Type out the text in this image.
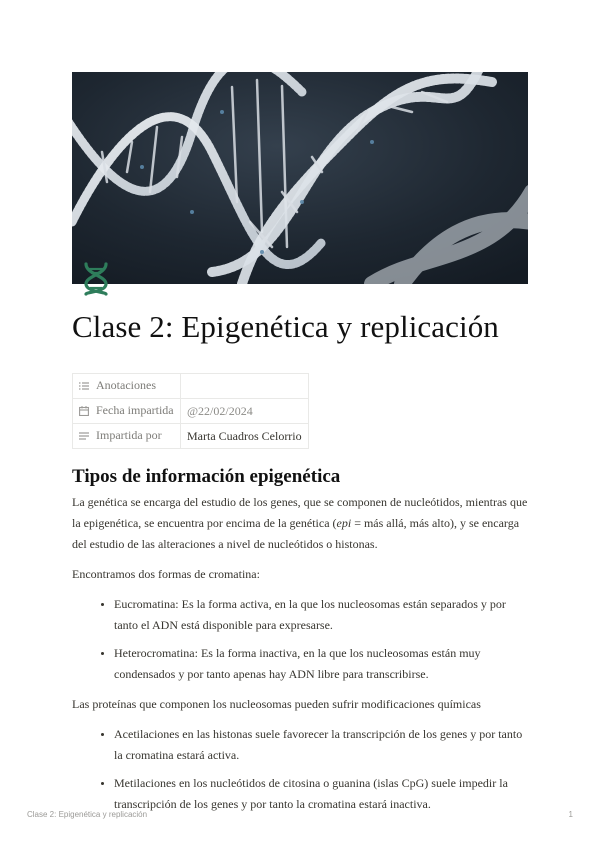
Clase 2: Epigenética y replicación
Anotaciones	
Fecha impartida	@22/02/2024
Impartida por	Marta Cuadros Celorrio
Tipos de información epigenética

La genética se encarga del estudio de los genes, que se componen de nucleótidos, mientras que la epigenética, se encuentra por encima de la genética (epi = más allá, más alto), y se encarga del estudio de las alteraciones a nivel de nucleótidos o histonas.

Encontramos dos formas de cromatina:

• Eucromatina: Es la forma activa, en la que los nucleosomas están separados y por tanto el ADN está disponible para expresarse.
• Heterocromatina: Es la forma inactiva, en la que los nucleosomas están muy condensados y por tanto apenas hay ADN libre para transcribirse.

Las proteínas que componen los nucleosomas pueden sufrir modificaciones químicas

• Acetilaciones en las histonas suele favorecer la transcripción de los genes y por tanto la cromatina estará activa.
• Metilaciones en los nucleótidos de citosina o guanina (islas CpG) suele impedir la transcripción de los genes y por tanto la cromatina estará inactiva.
Clase 2: Epigenética y replicación	1
